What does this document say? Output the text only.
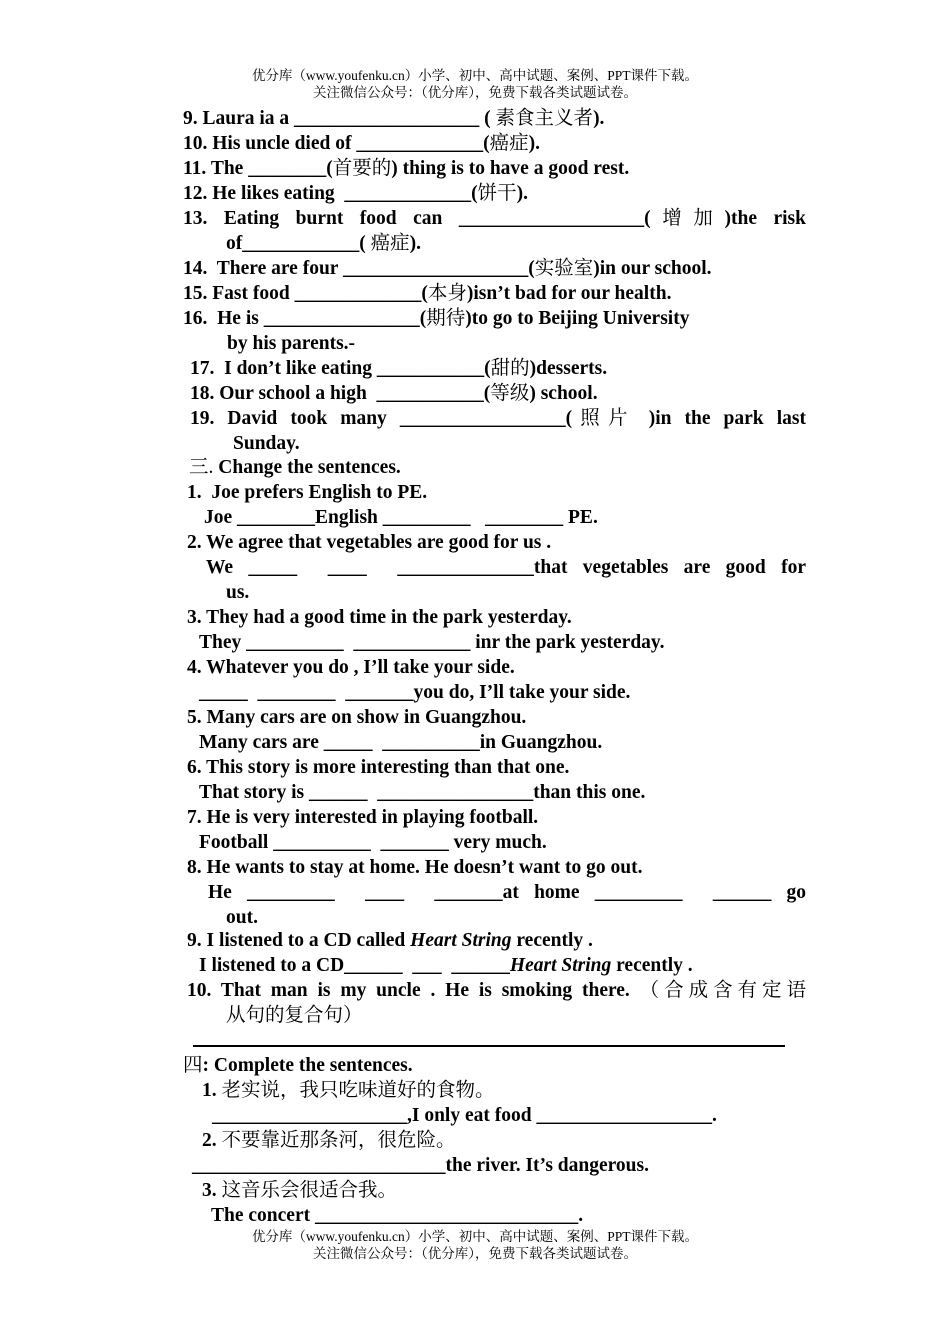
优分库（www.youfenku.cn）小学、初中、高中试题、案例、PPT课件下载。
关注微信公众号：（优分库），免费下载各类试题试卷。
9. Laura ia a ___________________ ( 素食主义者).
10. His uncle died of _____________(癌症).
11. The ________(首要的) thing is to have a good rest.
12. He likes eating  _____________(饼干).
13. Eating burnt food can ___________________(增加)the risk
of____________( 癌症).
14.  There are four ___________________(实验室)in our school.
15. Fast food _____________(本身)isn’t bad for our health.
16.  He is ________________(期待)to go to Beijing University
by his parents.-
17.  I don’t like eating ___________(甜的)desserts.
18. Our school a high  ___________(等级) school.
19. David took many _________________(照片 )in the park last
Sunday.
三. Change the sentences.
1.  Joe prefers English to PE.
Joe ________English _________   ________ PE.
2. We agree that vegetables are good for us .
We _____  ____  ______________that vegetables are good for
us.
3. They had a good time in the park yesterday.
They __________  ____________ inr the park yesterday.
4. Whatever you do , I’ll take your side.
_____  ________  _______you do, I’ll take your side.
5. Many cars are on show in Guangzhou.
Many cars are _____  __________in Guangzhou.
6. This story is more interesting than that one.
That story is ______  ________________than this one.
7. He is very interested in playing football.
Football __________  _______ very much.
8. He wants to stay at home. He doesn’t want to go out.
He _________  ____  _______at home _________  ______ go
out.
9. I listened to a CD called Heart String recently .
I listened to a CD______  ___  ______Heart String recently .
10. That man is my uncle . He is smoking there. （合成含有定语
从句的复合句）
四: Complete the sentences.
1. 老实说，我只吃味道好的食物。
____________________,I only eat food __________________.
2. 不要靠近那条河，很危险。
__________________________the river. It’s dangerous.
3. 这音乐会很适合我。
The concert ___________________________.
优分库（www.youfenku.cn）小学、初中、高中试题、案例、PPT课件下载。
关注微信公众号：（优分库），免费下载各类试题试卷。
